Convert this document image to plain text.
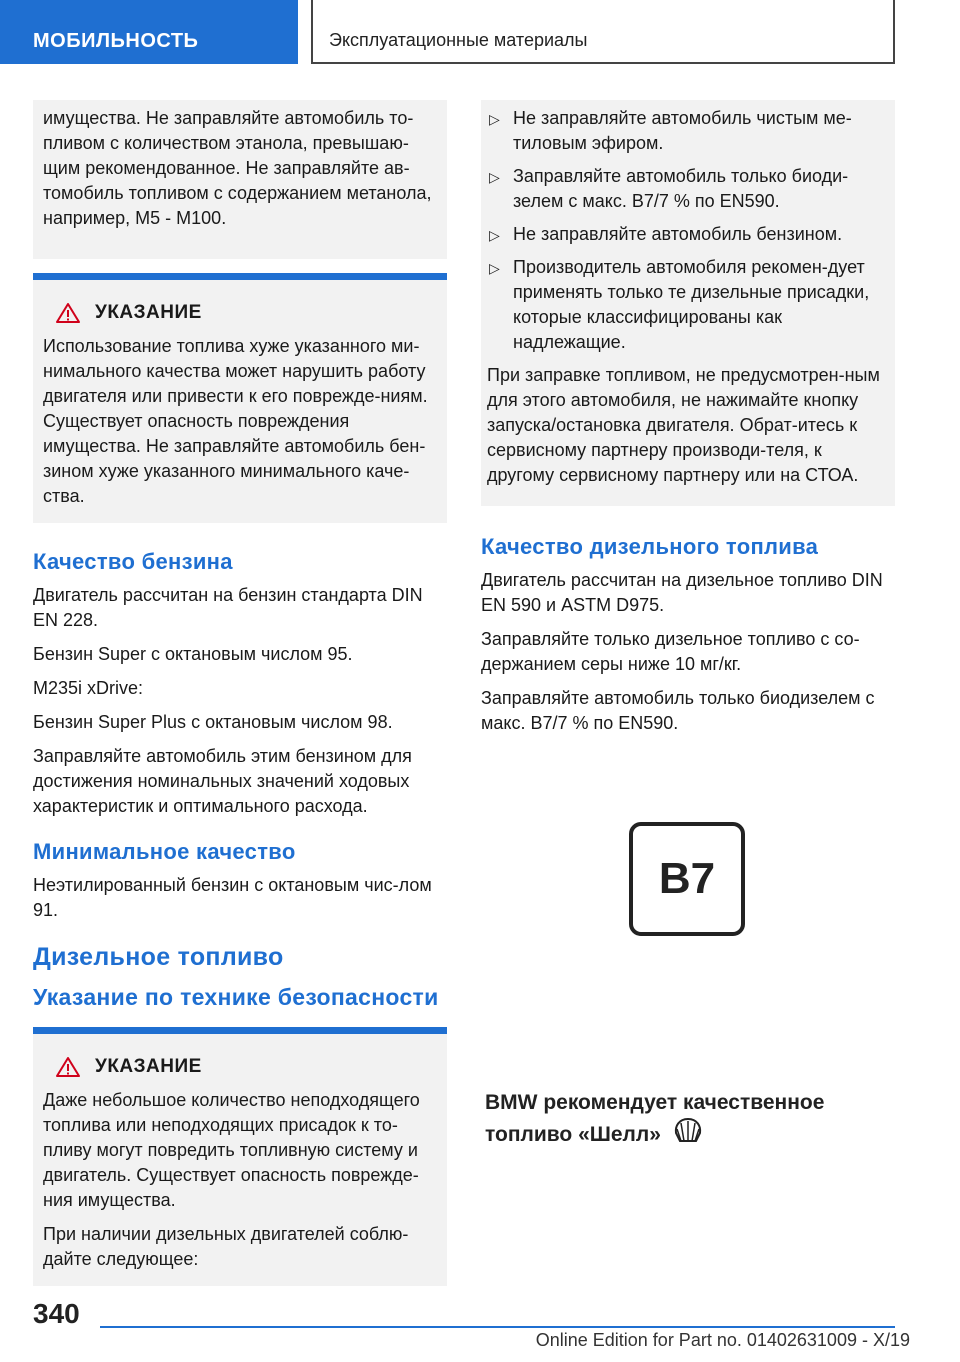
МОБИЛЬНОСТЬ	Эксплуатационные материалы

имущества. Не заправляйте автомобиль то-пливом с количеством этанола, превышаю-щим рекомендованное. Не заправляйте ав-томобиль топливом с содержанием метанола, например, M5 - M100.

УКАЗАНИЕ

Использование топлива хуже указанного ми-нимального качества может нарушить работу двигателя или привести к его поврежде-ниям. Существует опасность повреждения имущества. Не заправляйте автомобиль бен-зином хуже указанного минимального каче-ства.

Качество бензина

Двигатель рассчитан на бензин стандарта DIN EN 228.

Бензин Super с октановым числом 95.

M235i xDrive:

Бензин Super Plus с октановым числом 98.

Заправляйте автомобиль этим бензином для достижения номинальных значений ходовых характеристик и оптимального расхода.

Минимальное качество

Неэтилированный бензин с октановым чис-лом 91.

Дизельное топливо
Указание по технике безопасности
УКАЗАНИЕ

Даже небольшое количество неподходящего топлива или неподходящих присадок к то-пливу могут повредить топливную систему и двигатель. Существует опасность поврежде-ния имущества.

При наличии дизельных двигателей соблю-дайте следующее:

▷ Не заправляйте автомобиль чистым ме-тиловым эфиром.
▷ Заправляйте автомобиль только биоди-зелем с макс. B7/7 % по EN590.
▷ Не заправляйте автомобиль бензином.
▷ Производитель автомобиля рекомен-дует применять только те дизельные присадки, которые классифицированы как надлежащие.

При заправке топливом, не предусмотрен-ным для этого автомобиля, не нажимайте кнопку запуска/остановка двигателя. Обрат-итесь к сервисному партнеру производи-теля, к другому сервисному партнеру или на СТОА.

Качество дизельного топлива

Двигатель рассчитан на дизельное топливо DIN EN 590 и ASTM D975.

Заправляйте только дизельное топливо с со-держанием серы ниже 10 мг/кг.

Заправляйте автомобиль только биодизелем с макс. B7/7 % по EN590.

B7
BMW рекомендует качественное топливо «Шелл»
340
Online Edition for Part no. 01402631009 - X/19
